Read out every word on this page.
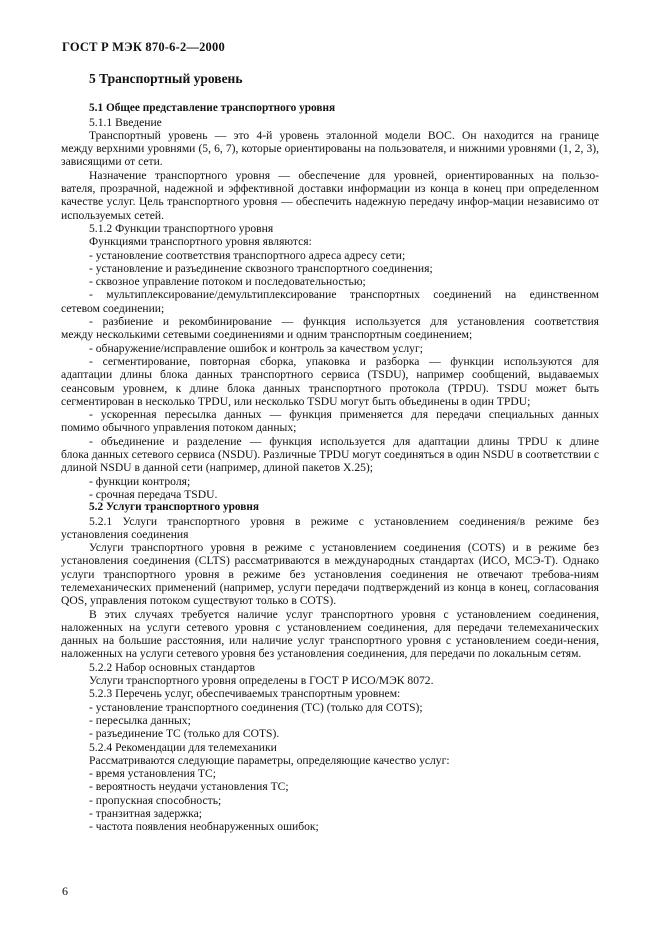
ГОСТ Р МЭК 870-6-2—2000
5 Транспортный уровень
5.1 Общее представление транспортного уровня
5.1.1 Введение
Транспортный уровень — это 4-й уровень эталонной модели ВОС. Он находится на границе
между верхними уровнями (5, 6, 7), которые ориентированы на пользователя, и нижними уровнями (1, 2, 3), зависящими от сети.
Назначение транспортного уровня — обеспечение для уровней, ориентированных на пользо-
вателя, прозрачной, надежной и эффективной доставки информации из конца в конец при определенном качестве услуг. Цель транспортного уровня — обеспечить надежную передачу инфор-мации независимо от используемых сетей.
5.1.2 Функции транспортного уровня
Функциями транспортного уровня являются:
- установление соответствия транспортного адреса адресу сети;
- установление и разъединение сквозного транспортного соединения;
- сквозное управление потоком и последовательностью;
- мультиплексирование/демультиплексирование транспортных соединений на единственном
сетевом соединении;
- разбиение и рекомбинирование — функция используется для установления соответствия
между несколькими сетевыми соединениями и одним транспортным соединением;
- обнаружение/исправление ошибок и контроль за качеством услуг;
- сегментирование, повторная сборка, упаковка и разборка — функции используются для
адаптации длины блока данных транспортного сервиса (TSDU), например сообщений, выдаваемых сеансовым уровнем, к длине блока данных транспортного протокола (TPDU). TSDU может быть сегментирован в несколько TPDU, или несколько TSDU могут быть объединены в один TPDU;
- ускоренная пересылка данных — функция применяется для передачи специальных данных
помимо обычного управления потоком данных;
- объединение и разделение — функция используется для адаптации длины TPDU к длине
блока данных сетевого сервиса (NSDU). Различные TPDU могут соединяться в один NSDU в соответствии с длиной NSDU в данной сети (например, длиной пакетов X.25);
- функции контроля;
- срочная передача TSDU.
5.2 Услуги транспортного уровня
5.2.1 Услуги транспортного уровня в режиме с установлением соединения/в режиме без
установления соединения
Услуги транспортного уровня в режиме с установлением соединения (COTS) и в режиме без
установления соединения (CLTS) рассматриваются в международных стандартах (ИСО, МСЭ-Т). Однако услуги транспортного уровня в режиме без установления соединения не отвечают требова-ниям телемеханических применений (например, услуги передачи подтверждений из конца в конец, согласования QOS, управления потоком существуют только в COTS).
В этих случаях требуется наличие услуг транспортного уровня с установлением соединения,
наложенных на услуги сетевого уровня с установлением соединения, для передачи телемеханических данных на большие расстояния, или наличие услуг транспортного уровня с установлением соеди-нения, наложенных на услуги сетевого уровня без установления соединения, для передачи по локальным сетям.
5.2.2 Набор основных стандартов
Услуги транспортного уровня определены в ГОСТ Р ИСО/МЭК 8072.
5.2.3 Перечень услуг, обеспечиваемых транспортным уровнем:
- установление транспортного соединения (ТС) (только для COTS);
- пересылка данных;
- разъединение ТС (только для COTS).
5.2.4 Рекомендации для телемеханики
Рассматриваются следующие параметры, определяющие качество услуг:
- время установления ТС;
- вероятность неудачи установления ТС;
- пропускная способность;
- транзитная задержка;
- частота появления необнаруженных ошибок;
6
